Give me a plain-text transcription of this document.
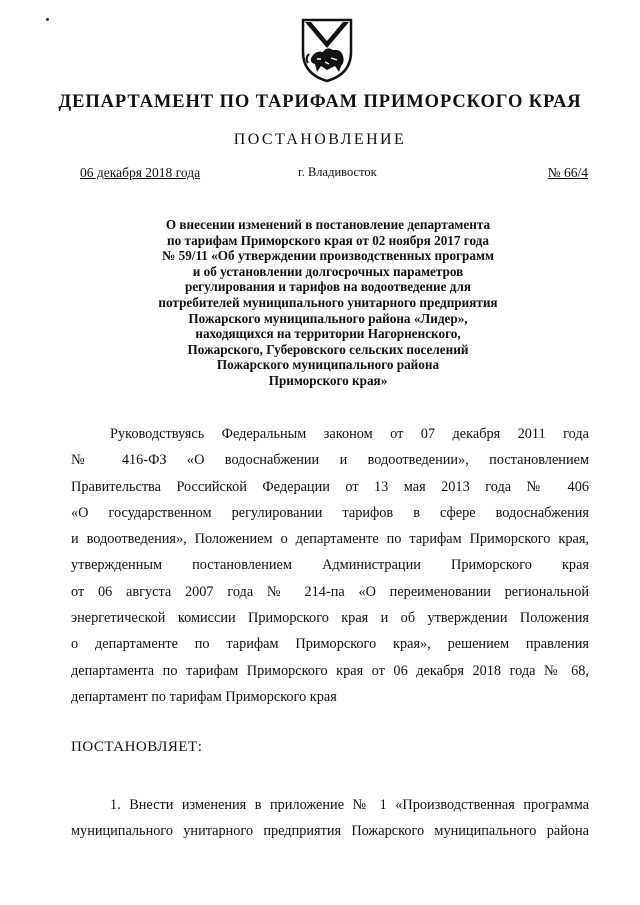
ДЕПАРТАМЕНТ ПО ТАРИФАМ ПРИМОРСКОГО КРАЯ
ПОСТАНОВЛЕНИЕ
06 декабря 2018 года	г. Владивосток	№ 66/4
О внесении изменений в постановление департамента
по тарифам Приморского края от 02 ноября 2017 года
№ 59/11 «Об утверждении производственных программ
и об установлении долгосрочных параметров
регулирования и тарифов на водоотведение для
потребителей муниципального унитарного предприятия
Пожарского муниципального района «Лидер»,
находящихся на территории Нагорненского,
Пожарского, Губеровского сельских поселений
Пожарского муниципального района
Приморского края»
Руководствуясь Федеральным законом от 07 декабря 2011 года
№ 416-ФЗ «О водоснабжении и водоотведении», постановлением
Правительства Российской Федерации от 13 мая 2013 года № 406
«О государственном регулировании тарифов в сфере водоснабжения
и водоотведения», Положением о департаменте по тарифам Приморского края,
утвержденным постановлением Администрации Приморского края
от 06 августа 2007 года № 214-па «О переименовании региональной
энергетической комиссии Приморского края и об утверждении Положения
о департаменте по тарифам Приморского края», решением правления
департамента по тарифам Приморского края от 06 декабря 2018 года № 68,
департамент по тарифам Приморского края
ПОСТАНОВЛЯЕТ:
1. Внести изменения в приложение № 1 «Производственная программа
муниципального унитарного предприятия Пожарского муниципального района
